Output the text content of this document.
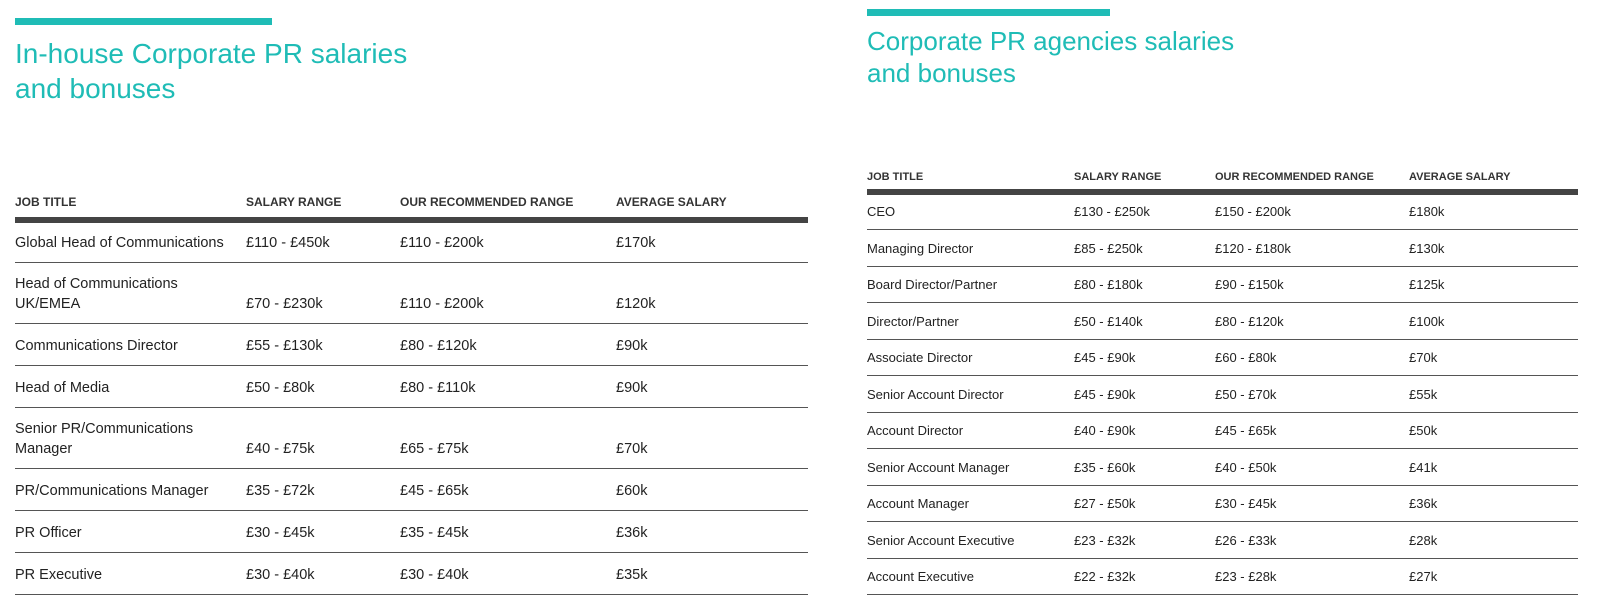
In-house Corporate PR salaries
and bonuses
JOB TITLE	SALARY RANGE	OUR RECOMMENDED RANGE	AVERAGE SALARY
Global Head of Communications	£110 - £450k	£110 - £200k	£170k
Head of Communications UK/EMEA	£70 - £230k	£110 - £200k	£120k
Communications Director	£55 - £130k	£80 - £120k	£90k
Head of Media	£50 - £80k	£80 - £110k	£90k
Senior PR/Communications Manager	£40 - £75k	£65 - £75k	£70k
PR/Communications Manager	£35 - £72k	£45 - £65k	£60k
PR Officer	£30 - £45k	£35 - £45k	£36k
PR Executive	£30 - £40k	£30 - £40k	£35k
Corporate PR agencies salaries
and bonuses
JOB TITLE	SALARY RANGE	OUR RECOMMENDED RANGE	AVERAGE SALARY
CEO	£130 - £250k	£150 - £200k	£180k
Managing Director	£85 - £250k	£120 - £180k	£130k
Board Director/Partner	£80 - £180k	£90 - £150k	£125k
Director/Partner	£50 - £140k	£80 - £120k	£100k
Associate Director	£45 - £90k	£60 - £80k	£70k
Senior Account Director	£45 - £90k	£50 - £70k	£55k
Account Director	£40 - £90k	£45 - £65k	£50k
Senior Account Manager	£35 - £60k	£40 - £50k	£41k
Account Manager	£27 - £50k	£30 - £45k	£36k
Senior Account Executive	£23 - £32k	£26 - £33k	£28k
Account Executive	£22 - £32k	£23 - £28k	£27k
